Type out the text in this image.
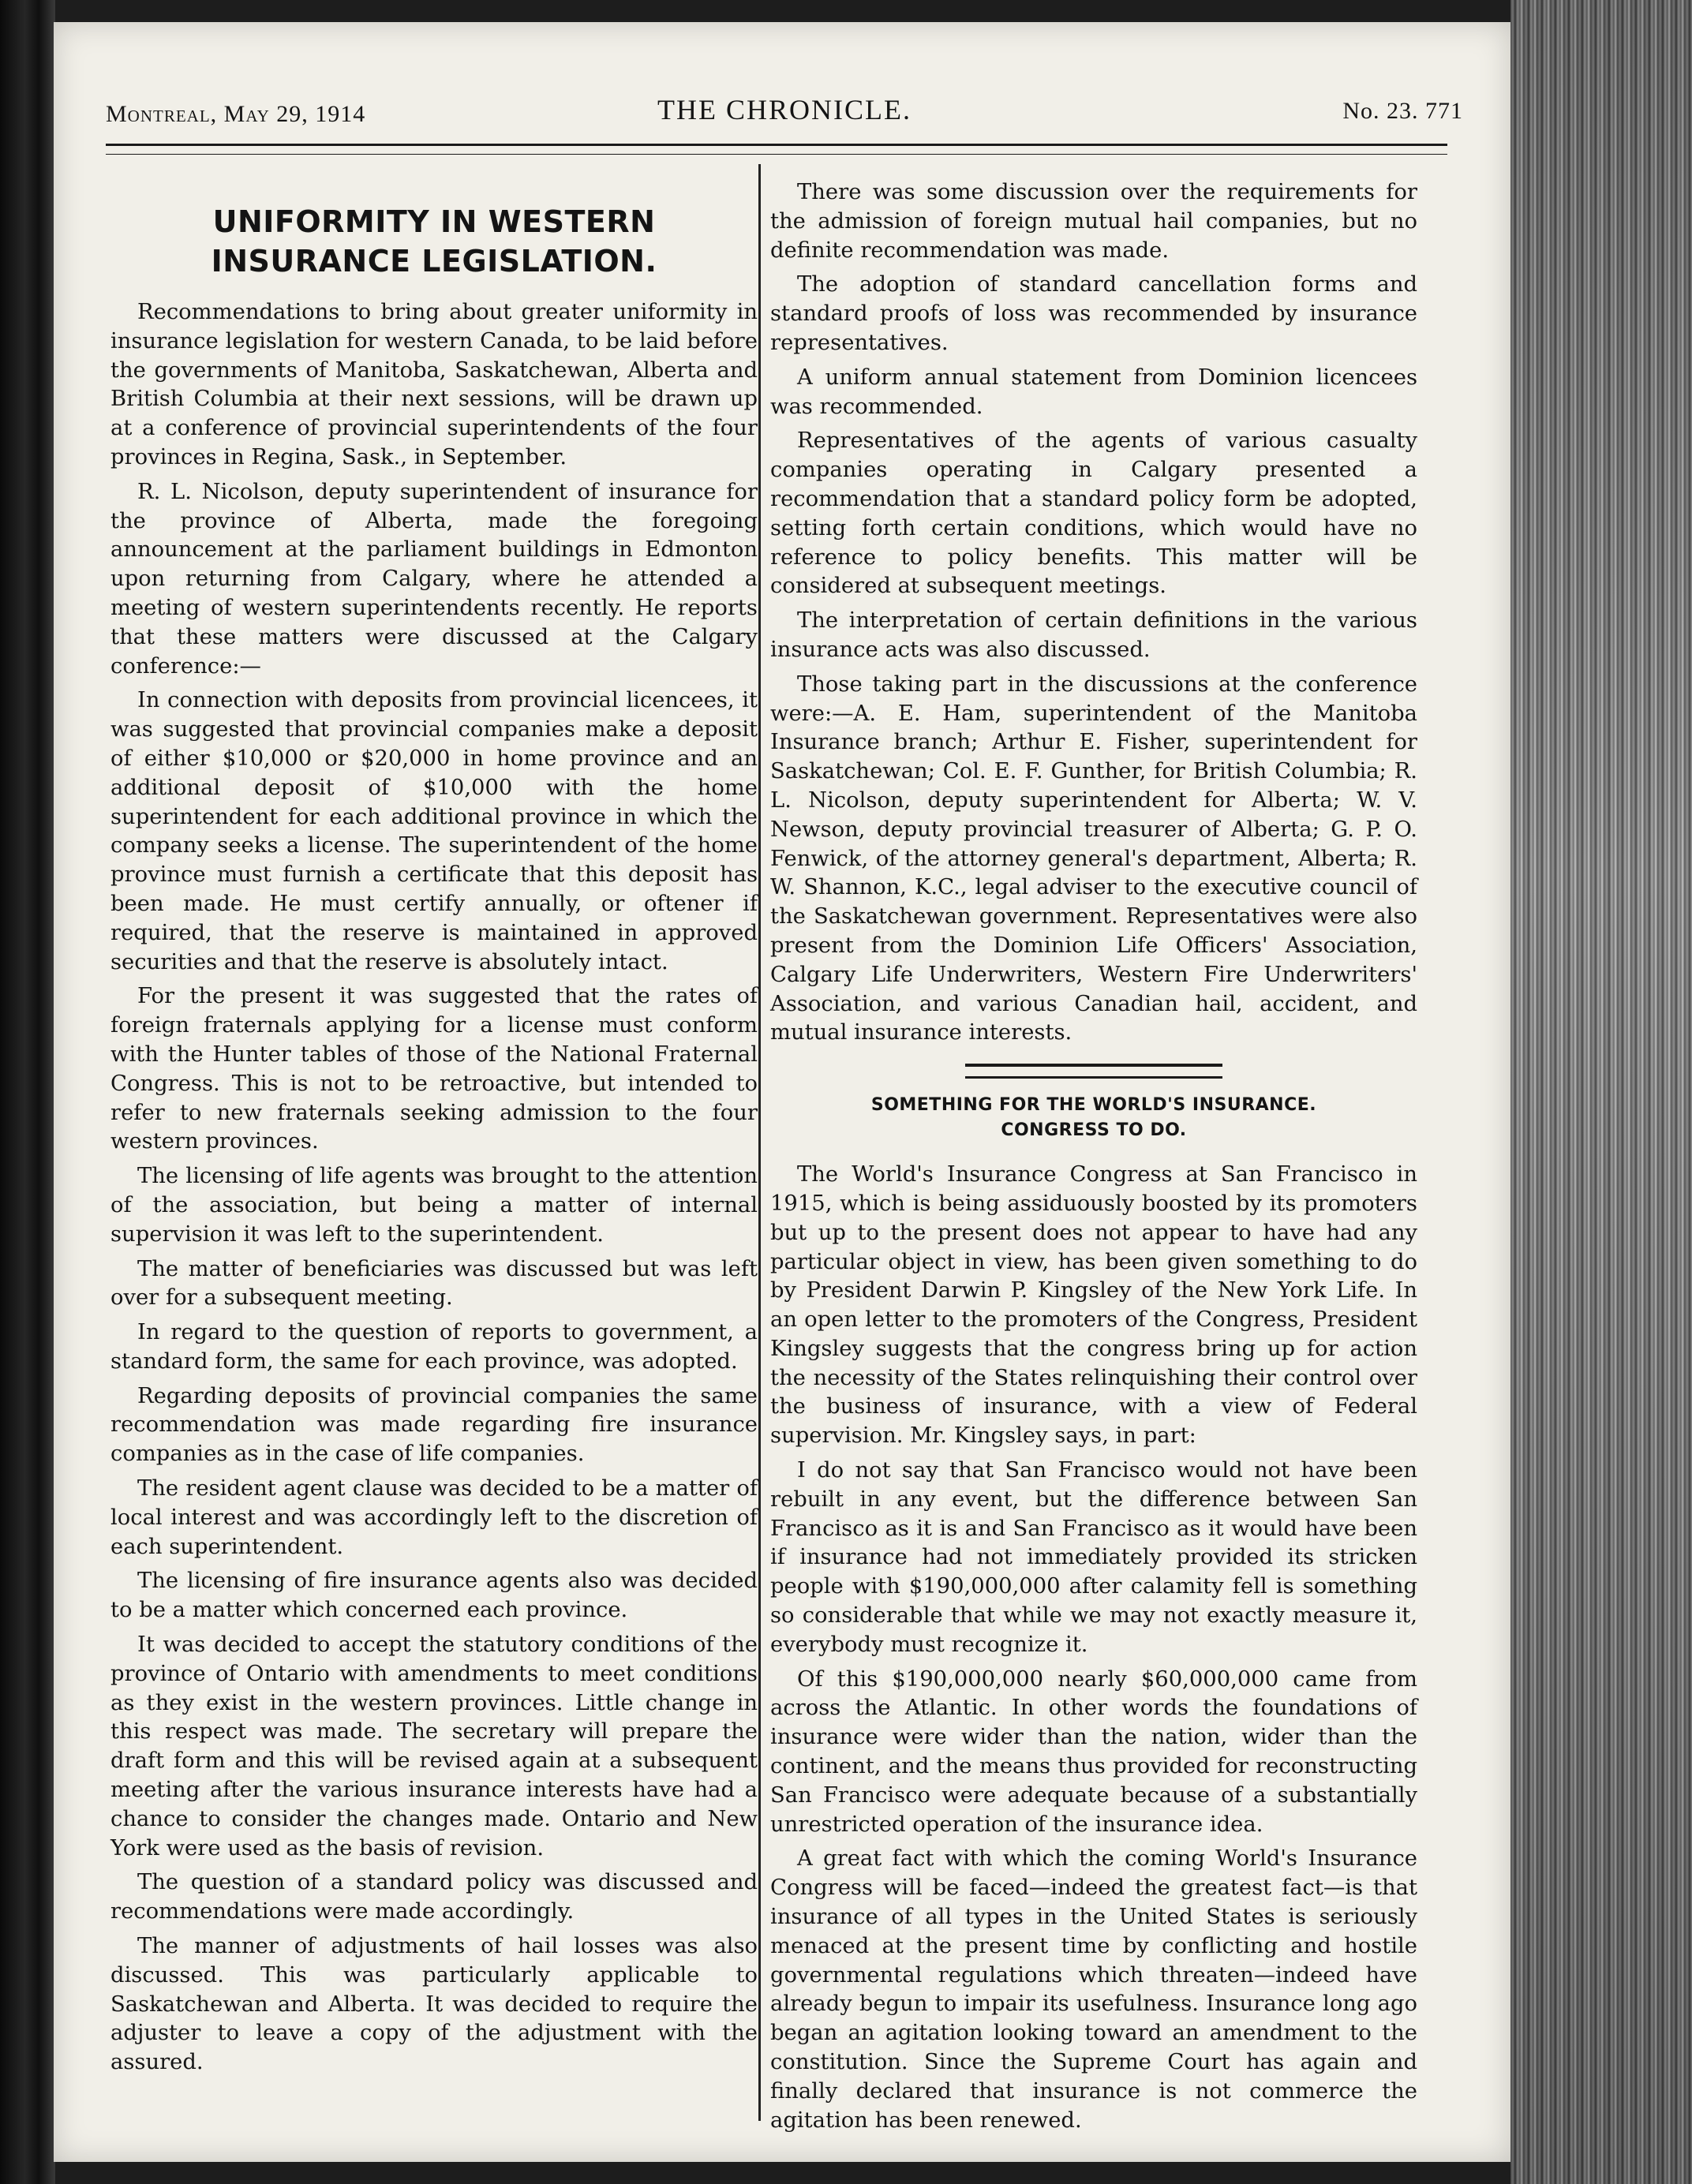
Montreal, May 29, 1914	THE CHRONICLE.	No. 23. 771
UNIFORMITY IN WESTERN INSURANCE LEGISLATION.

Recommendations to bring about greater uniformity in insurance legislation for western Canada, to be laid before the governments of Manitoba, Saskatchewan, Alberta and British Columbia at their next sessions, will be drawn up at a conference of provincial superintendents of the four provinces in Regina, Sask., in September.

R. L. Nicolson, deputy superintendent of insurance for the province of Alberta, made the foregoing announcement at the parliament buildings in Edmonton upon returning from Calgary, where he attended a meeting of western superintendents recently. He reports that these matters were discussed at the Calgary conference:—

In connection with deposits from provincial licencees, it was suggested that provincial companies make a deposit of either $10,000 or $20,000 in home province and an additional deposit of $10,000 with the home superintendent for each additional province in which the company seeks a license. The superintendent of the home province must furnish a certificate that this deposit has been made. He must certify annually, or oftener if required, that the reserve is maintained in approved securities and that the reserve is absolutely intact.

For the present it was suggested that the rates of foreign fraternals applying for a license must conform with the Hunter tables of those of the National Fraternal Congress. This is not to be retroactive, but intended to refer to new fraternals seeking admission to the four western provinces.

The licensing of life agents was brought to the attention of the association, but being a matter of internal supervision it was left to the superintendent.

The matter of beneficiaries was discussed but was left over for a subsequent meeting.

In regard to the question of reports to government, a standard form, the same for each province, was adopted.

Regarding deposits of provincial companies the same recommendation was made regarding fire insurance companies as in the case of life companies.

The resident agent clause was decided to be a matter of local interest and was accordingly left to the discretion of each superintendent.

The licensing of fire insurance agents also was decided to be a matter which concerned each province.

It was decided to accept the statutory conditions of the province of Ontario with amendments to meet conditions as they exist in the western provinces. Little change in this respect was made. The secretary will prepare the draft form and this will be revised again at a subsequent meeting after the various insurance interests have had a chance to consider the changes made. Ontario and New York were used as the basis of revision.

The question of a standard policy was discussed and recommendations were made accordingly.

The manner of adjustments of hail losses was also discussed. This was particularly applicable to Saskatchewan and Alberta. It was decided to require the adjuster to leave a copy of the adjustment with the assured.

There was some discussion over the requirements for the admission of foreign mutual hail companies, but no definite recommendation was made.

The adoption of standard cancellation forms and standard proofs of loss was recommended by insurance representatives.

A uniform annual statement from Dominion licencees was recommended.

Representatives of the agents of various casualty companies operating in Calgary presented a recommendation that a standard policy form be adopted, setting forth certain conditions, which would have no reference to policy benefits. This matter will be considered at subsequent meetings.

The interpretation of certain definitions in the various insurance acts was also discussed.

Those taking part in the discussions at the conference were:—A. E. Ham, superintendent of the Manitoba Insurance branch; Arthur E. Fisher, superintendent for Saskatchewan; Col. E. F. Gunther, for British Columbia; R. L. Nicolson, deputy superintendent for Alberta; W. V. Newson, deputy provincial treasurer of Alberta; G. P. O. Fenwick, of the attorney general's department, Alberta; R. W. Shannon, K.C., legal adviser to the executive council of the Saskatchewan government. Representatives were also present from the Dominion Life Officers' Association, Calgary Life Underwriters, Western Fire Underwriters' Association, and various Canadian hail, accident, and mutual insurance interests.

SOMETHING FOR THE WORLD'S INSURANCE.
CONGRESS TO DO.

The World's Insurance Congress at San Francisco in 1915, which is being assiduously boosted by its promoters but up to the present does not appear to have had any particular object in view, has been given something to do by President Darwin P. Kingsley of the New York Life. In an open letter to the promoters of the Congress, President Kingsley suggests that the congress bring up for action the necessity of the States relinquishing their control over the business of insurance, with a view of Federal supervision. Mr. Kingsley says, in part:

I do not say that San Francisco would not have been rebuilt in any event, but the difference between San Francisco as it is and San Francisco as it would have been if insurance had not immediately provided its stricken people with $190,000,000 after calamity fell is something so considerable that while we may not exactly measure it, everybody must recognize it.

Of this $190,000,000 nearly $60,000,000 came from across the Atlantic. In other words the foundations of insurance were wider than the nation, wider than the continent, and the means thus provided for reconstructing San Francisco were adequate because of a substantially unrestricted operation of the insurance idea.

A great fact with which the coming World's Insurance Congress will be faced—indeed the greatest fact—is that insurance of all types in the United States is seriously menaced at the present time by conflicting and hostile governmental regulations which threaten—indeed have already begun to impair its usefulness. Insurance long ago began an agitation looking toward an amendment to the constitution. Since the Supreme Court has again and finally declared that insurance is not commerce the agitation has been renewed.
